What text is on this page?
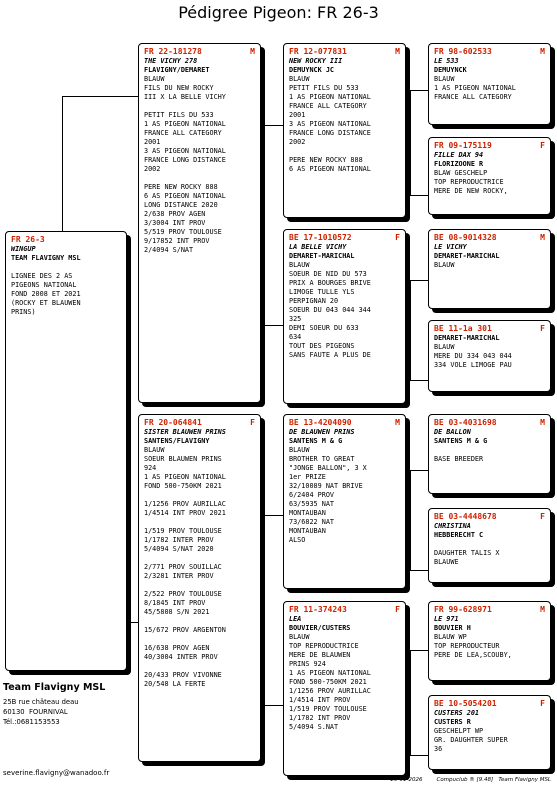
Pédigree Pigeon: FR 26-3
FR 26-3
WINGUP
TEAM FLAVIGNY MSL

LIGNEE DES 2 AS
PIGEONS NATIONAL
FOND 2008 ET 2021
(ROCKY ET BLAUWEN
PRINS)
FR 22-181278	M
THE VICHY 278
FLAVIGNY/DEMARET
BLAUW
FILS DU NEW ROCKY
III X LA BELLE VICHY

PETIT FILS DU 533
1 AS PIGEON NATIONAL
FRANCE ALL CATEGORY
2001
3 AS PIGEON NATIONAL
FRANCE LONG DISTANCE
2002

PERE NEW ROCKY 888
6 AS PIGEON NATIONAL
LONG DISTANCE 2020
2/638 PROV AGEN
3/3004 INT PROV
5/519 PROV TOULOUSE
9/17852 INT PROV
2/4094 S/NAT
FR 20-064841	F
SISTER BLAUWEN PRINS
SANTENS/FLAVIGNY
BLAUW
SOEUR BLAUWEN PRINS
924
1 AS PIGEON NATIONAL
FOND 500-750KM 2021

1/1256 PROV AURILLAC
1/4514 INT PROV 2021

1/519 PROV TOULOUSE
1/1782 INTER PROV
5/4094 S/NAT 2020

2/771 PROV SOUILLAC
2/3281 INTER PROV

2/522 PROV TOULOUSE
8/1845 INT PROV
45/5808 S/N 2021

15/672 PROV ARGENTON

16/638 PROV AGEN
40/3004 INTER PROV

20/433 PROV VIVONNE
20/548 LA FERTE
FR 12-077831	M
NEW ROCKY III
DEMUYNCK JC
BLAUW
PETIT FILS DU 533
1 AS PIGEON NATIONAL
FRANCE ALL CATEGORY
2001
3 AS PIGEON NATIONAL
FRANCE LONG DISTANCE
2002

PERE NEW ROCKY 888
6 AS PIGEON NATIONAL
BE 17-1010572	F
LA BELLE VICHY
DEMARET-MARICHAL
BLAUW
SOEUR DE NID DU 573
PRIX A BOURGES BRIVE
LIMOGE TULLE YLS
PERPIGNAN 20
SOEUR DU 043 044 344
325
DEMI SOEUR DU 633
634
TOUT DES PIGEONS
SANS FAUTE A PLUS DE
BE 13-4204090	M
DE BLAUWEN PRINS
SANTENS M & G
BLAUW
BROTHER TO GREAT
"JONGE BALLON", 3 X
1er PRIZE
32/10089 NAT BRIVE
6/2404 PROV
63/5935 NAT
MONTAUBAN
73/6822 NAT
MONTAUBAN
ALSO
FR 11-374243	F
LEA
BOUVIER/CUSTERS
BLAUW
TOP REPRODUCTRICE
MERE DE BLAUWEN
PRINS 924
1 AS PIGEON NATIONAL
FOND 500-750KM 2021
1/1256 PROV AURILLAC
1/4514 INT PROV
1/519 PROV TOULOUSE
1/1782 INT PROV
5/4094 S.NAT
FR 98-602533	M
LE 533
DEMUYNCK
BLAUW
1 AS PIGEON NATIONAL
FRANCE ALL CATEGORY
FR 09-175119	F
FILLE DAX 94
FLORIZOONE R
BLAW GESCHELP
TOP REPRODUCTRICE
MERE DE NEW ROCKY,
BE 08-9014328	M
LE VICHY
DEMARET-MARICHAL
BLAUW
BE 11-1a 301	F
DEMARET-MARICHAL
BLAUW
MERE DU 334 043 044
334 VOLE LIMOGE PAU
BE 03-4031698	M
DE BALLON
SANTENS M & G

BASE BREEDER
BE 03-4448678	F
CHRISTINA
HEBBERECHT C

DAUGHTER TALIS X
BLAUWE
FR 99-628971	M
LE 971
BOUVIER H
BLAUW WP
TOP REPRODUCTEUR
PERE DE LEA,SCOUBY,
BE 10-5054201	F
CUSTERS 201
CUSTERS R
GESCHELPT WP
GR. DAUGHTER SUPER
36
Team Flavigny MSL
25B rue château deau
60130  FOURNIVAL
Tél.:0681153553
severine.flavigny@wanadoo.fr
29-01-2026        Compuclub ® [9.48]   Team Flavigny MSL
